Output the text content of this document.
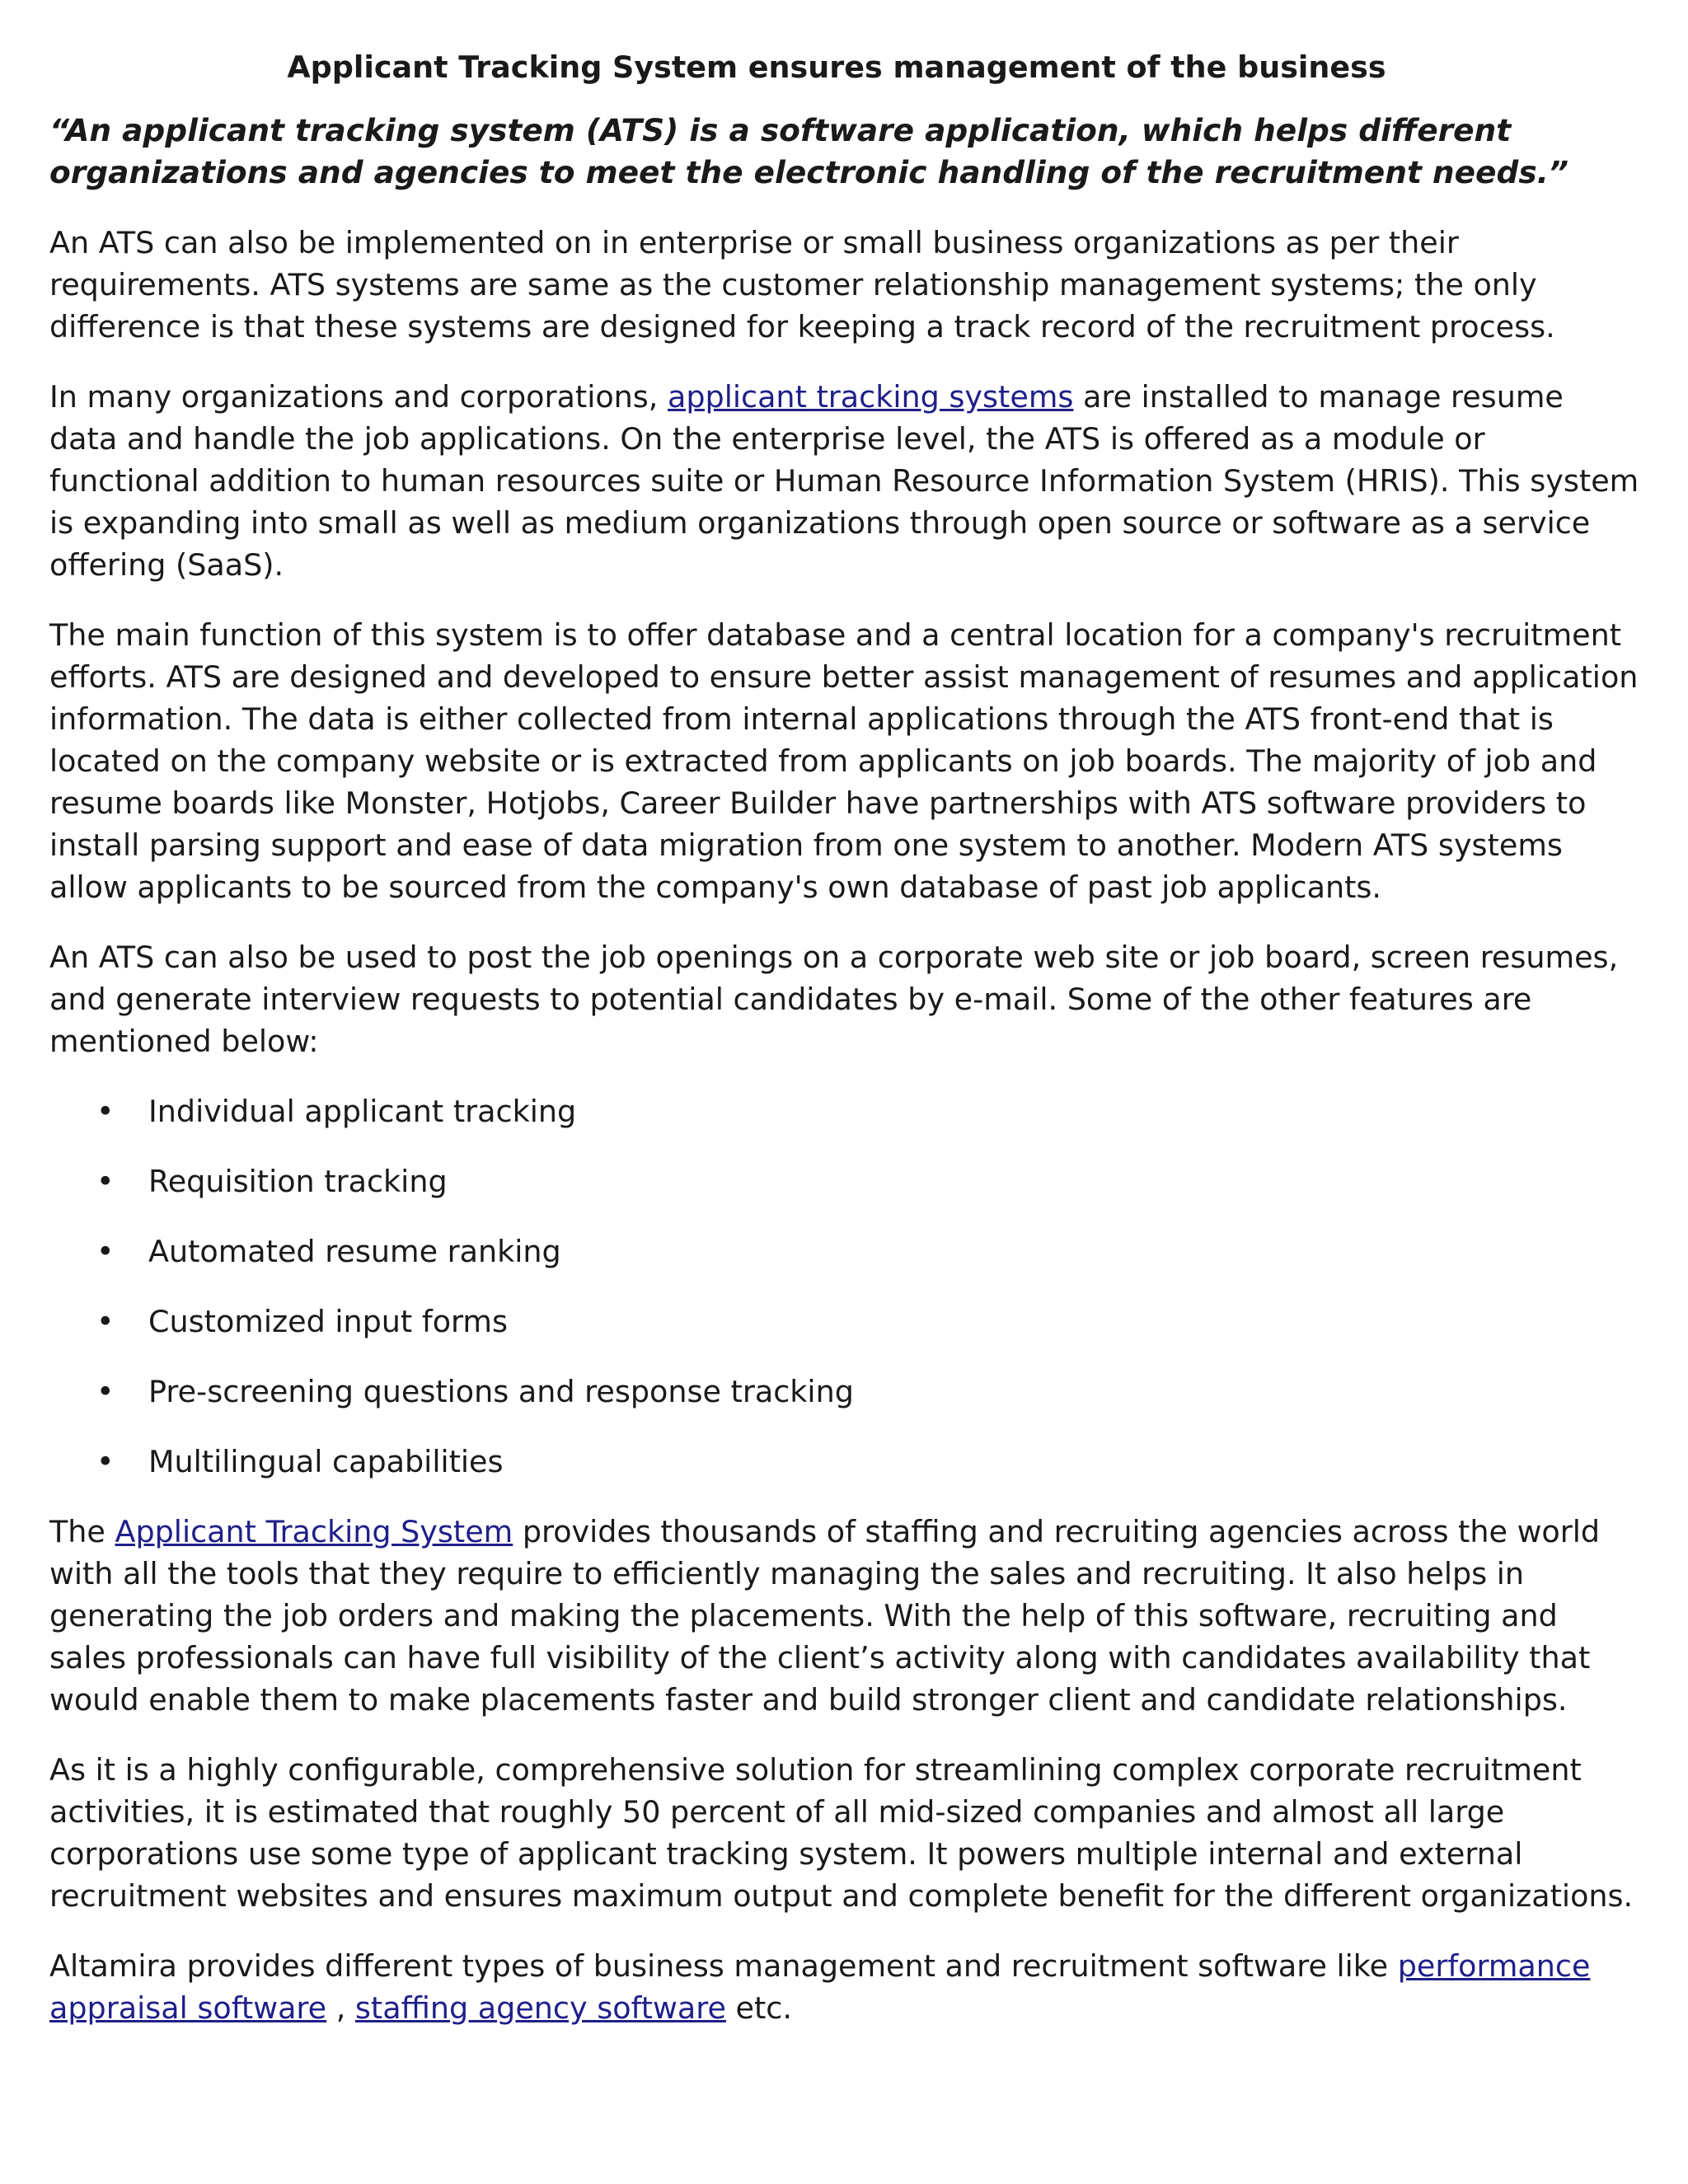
Applicant Tracking System ensures management of the business

“An applicant tracking system (ATS) is a software application, which helps different organizations and agencies to meet the electronic handling of the recruitment needs.”

An ATS can also be implemented on in enterprise or small business organizations as per their requirements. ATS systems are same as the customer relationship management systems; the only difference is that these systems are designed for keeping a track record of the recruitment process.

In many organizations and corporations, applicant tracking systems are installed to manage resume data and handle the job applications. On the enterprise level, the ATS is offered as a module or functional addition to human resources suite or Human Resource Information System (HRIS). This system is expanding into small as well as medium organizations through open source or software as a service offering (SaaS).

The main function of this system is to offer database and a central location for a company's recruitment efforts. ATS are designed and developed to ensure better assist management of resumes and application information. The data is either collected from internal applications through the ATS front-end that is located on the company website or is extracted from applicants on job boards. The majority of job and resume boards like Monster, Hotjobs, Career Builder have partnerships with ATS software providers to install parsing support and ease of data migration from one system to another. Modern ATS systems allow applicants to be sourced from the company's own database of past job applicants.

An ATS can also be used to post the job openings on a corporate web site or job board, screen resumes, and generate interview requests to potential candidates by e-mail. Some of the other features are mentioned below:

• Individual applicant tracking
• Requisition tracking
• Automated resume ranking
• Customized input forms
• Pre-screening questions and response tracking
• Multilingual capabilities

The Applicant Tracking System provides thousands of staffing and recruiting agencies across the world with all the tools that they require to efficiently managing the sales and recruiting. It also helps in generating the job orders and making the placements. With the help of this software, recruiting and sales professionals can have full visibility of the client’s activity along with candidates availability that would enable them to make placements faster and build stronger client and candidate relationships.

As it is a highly configurable, comprehensive solution for streamlining complex corporate recruitment activities, it is estimated that roughly 50 percent of all mid-sized companies and almost all large corporations use some type of applicant tracking system. It powers multiple internal and external recruitment websites and ensures maximum output and complete benefit for the different organizations.

Altamira provides different types of business management and recruitment software like performance appraisal software , staffing agency software etc.
